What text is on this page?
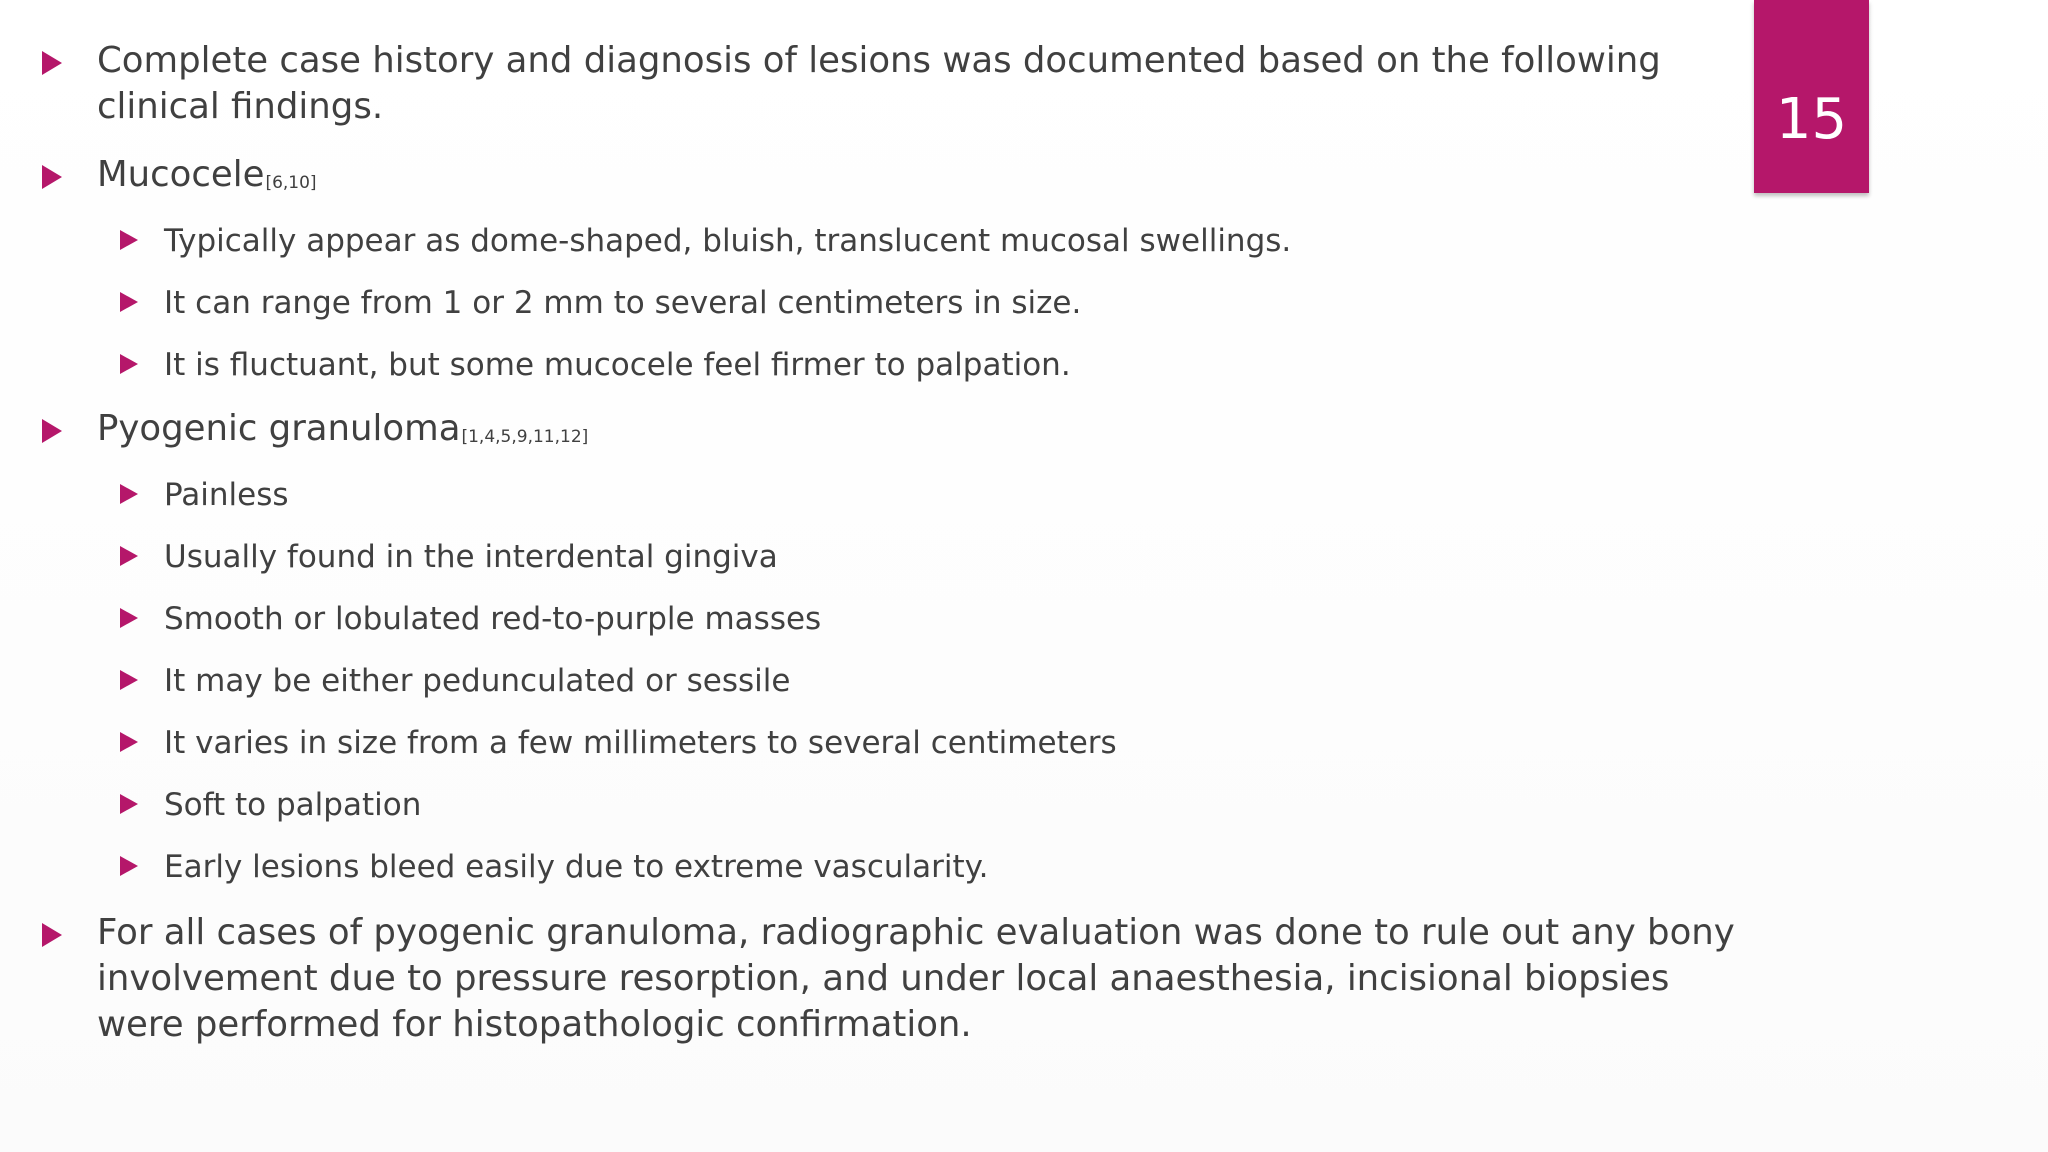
15
Complete case history and diagnosis of lesions was documented based on the following clinical findings.
Mucocele$_{[6,10]}$
Typically appear as dome-shaped, bluish, translucent mucosal swellings.
It can range from 1 or 2 mm to several centimeters in size.
It is fluctuant, but some mucocele feel firmer to palpation.
Pyogenic granuloma$_{[1,4,5,9,11,12]}$
Painless
Usually found in the interdental gingiva
Smooth or lobulated red-to-purple masses
It may be either pedunculated or sessile
It varies in size from a few millimeters to several centimeters
Soft to palpation
Early lesions bleed easily due to extreme vascularity.
For all cases of pyogenic granuloma, radiographic evaluation was done to rule out any bony involvement due to pressure resorption, and under local anaesthesia, incisional biopsies were performed for histopathologic confirmation.
